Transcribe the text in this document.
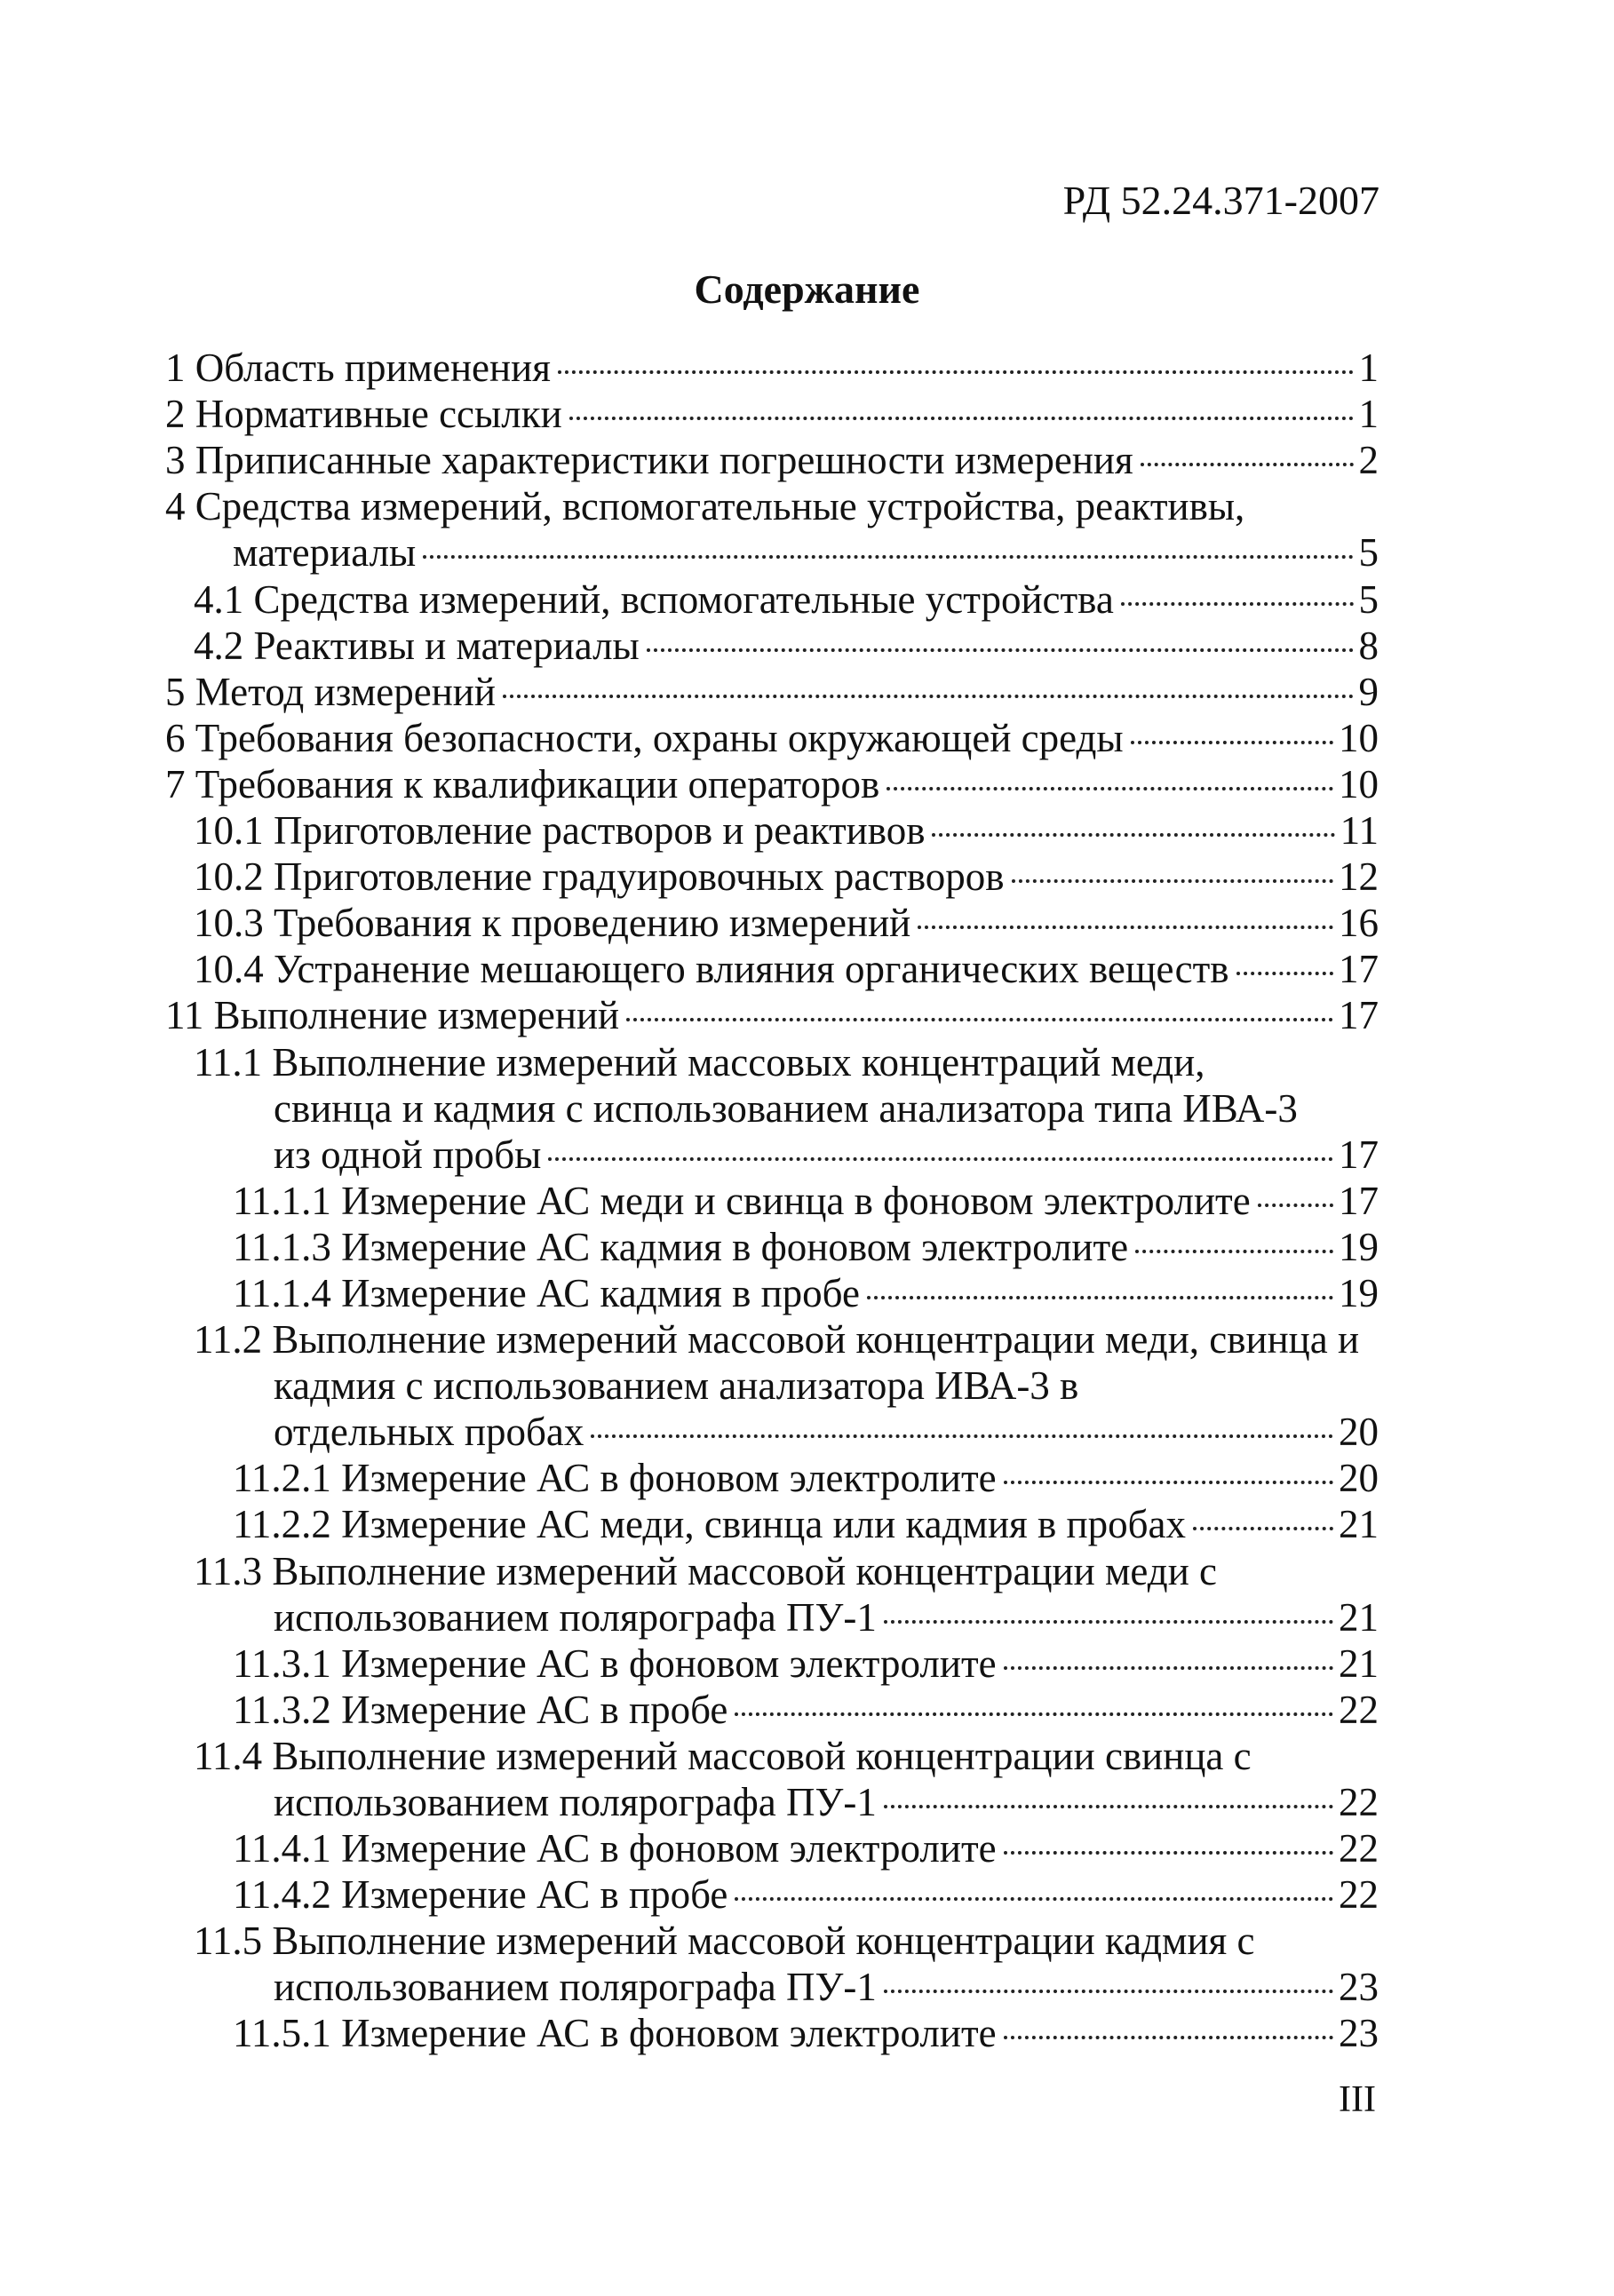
РД 52.24.371-2007
Содержание
1 Область применения	1
2 Нормативные ссылки	1
3 Приписанные характеристики погрешности измерения	2
4 Средства измерений, вспомогательные устройства, реактивы,
материалы	5
4.1 Средства измерений, вспомогательные устройства	5
4.2 Реактивы и материалы	8
5 Метод измерений	9
6 Требования безопасности, охраны окружающей среды	10
7 Требования к квалификации операторов	10
10.1 Приготовление растворов и реактивов	11
10.2 Приготовление градуировочных растворов	12
10.3 Требования к проведению измерений	16
10.4 Устранение мешающего влияния органических веществ	17
11 Выполнение измерений	17
11.1 Выполнение измерений массовых концентраций меди,
свинца и кадмия с использованием анализатора типа ИВА-3
из одной пробы	17
11.1.1 Измерение АС меди и свинца в фоновом электролите 17
11.1.3 Измерение АС кадмия в фоновом электролите	19
11.1.4 Измерение АС кадмия в пробе	19
11.2 Выполнение измерений массовой концентрации меди, свинца и
кадмия с использованием анализатора ИВА-3 в
отдельных пробах	20
11.2.1 Измерение АС в фоновом электролите	20
11.2.2 Измерение АС меди, свинца или кадмия в пробах	21
11.3 Выполнение измерений массовой концентрации меди с
использованием полярографа ПУ-1	21
11.3.1 Измерение АС в фоновом электролите	21
11.3.2 Измерение АС в пробе	22
11.4 Выполнение измерений массовой концентрации свинца с
использованием полярографа ПУ-1	22
11.4.1 Измерение АС в фоновом электролите	22
11.4.2 Измерение АС в пробе	22
11.5 Выполнение измерений массовой концентрации кадмия с
использованием полярографа ПУ-1	23
11.5.1 Измерение АС в фоновом электролите	23
III
